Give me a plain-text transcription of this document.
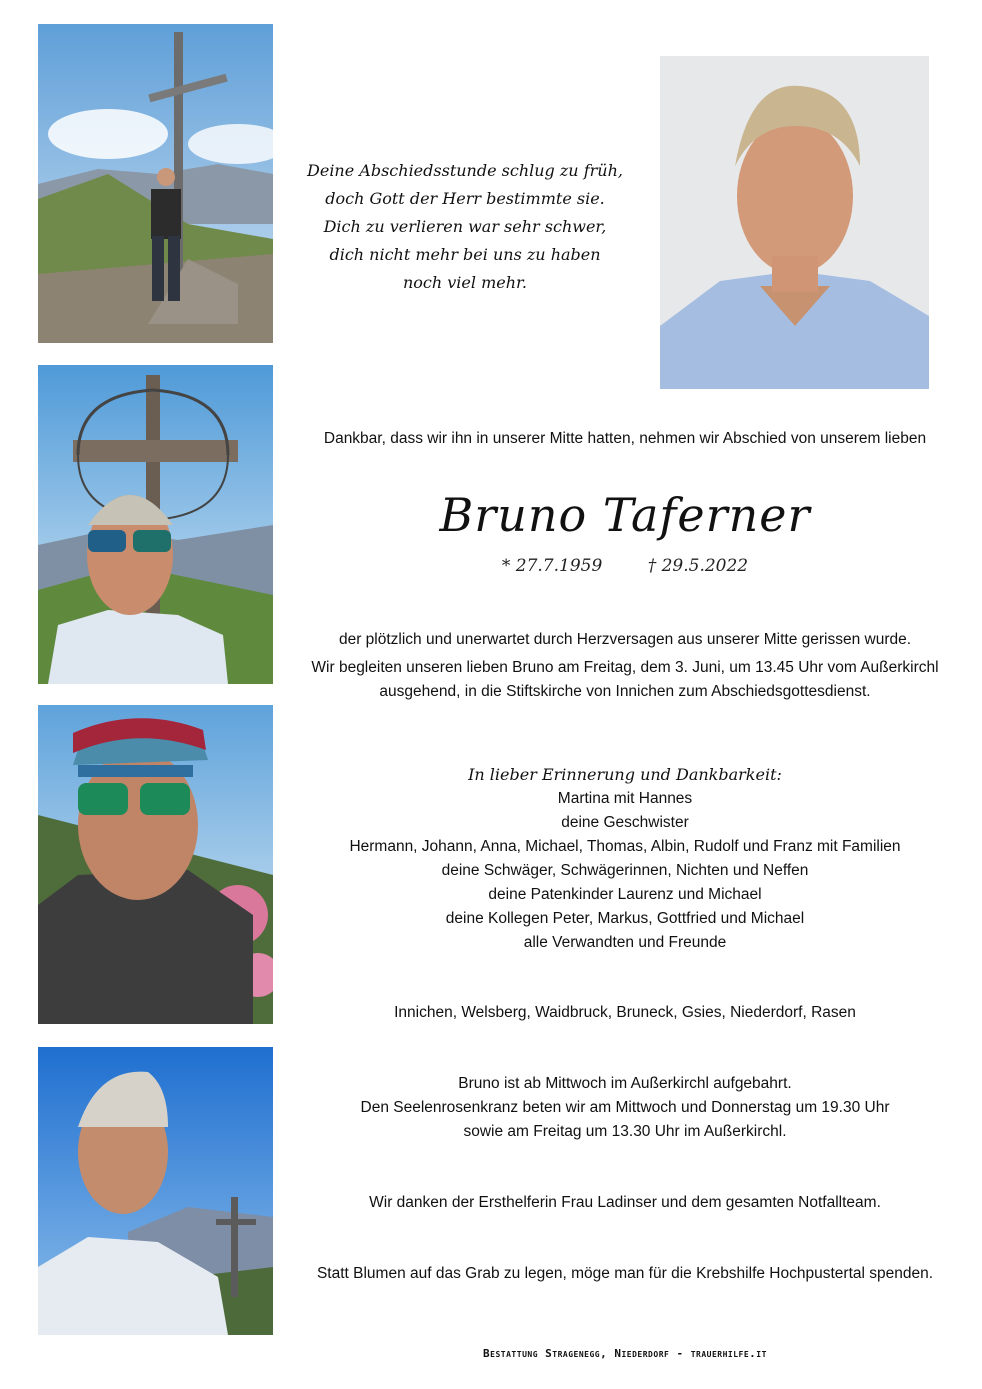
Deine Abschiedsstunde schlug zu früh,
doch Gott der Herr bestimmte sie.
Dich zu verlieren war sehr schwer,
dich nicht mehr bei uns zu haben
noch viel mehr.
Dankbar, dass wir ihn in unserer Mitte hatten, nehmen wir Abschied von unserem lieben
Bruno Taferner
* 27.7.1959	† 29.5.2022
der plötzlich und unerwartet durch Herzversagen aus unserer Mitte gerissen wurde.
Wir begleiten unseren lieben Bruno am Freitag, dem 3. Juni, um 13.45 Uhr vom Außerkirchl
ausgehend, in die Stiftskirche von Innichen zum Abschiedsgottesdienst.
In lieber Erinnerung und Dankbarkeit:
Martina mit Hannes
deine Geschwister
Hermann, Johann, Anna, Michael, Thomas, Albin, Rudolf und Franz mit Familien
deine Schwäger, Schwägerinnen, Nichten und Neffen
deine Patenkinder Laurenz und Michael
deine Kollegen Peter, Markus, Gottfried und Michael
alle Verwandten und Freunde
Innichen, Welsberg, Waidbruck, Bruneck, Gsies, Niederdorf, Rasen
Bruno ist ab Mittwoch im Außerkirchl aufgebahrt.
Den Seelenrosenkranz beten wir am Mittwoch und Donnerstag um 19.30 Uhr
sowie am Freitag um 13.30 Uhr im Außerkirchl.
Wir danken der Ersthelferin Frau Ladinser und dem gesamten Notfallteam.
Statt Blumen auf das Grab zu legen, möge man für die Krebshilfe Hochpustertal spenden.
Bestattung Stragenegg, Niederdorf - trauerhilfe.it
